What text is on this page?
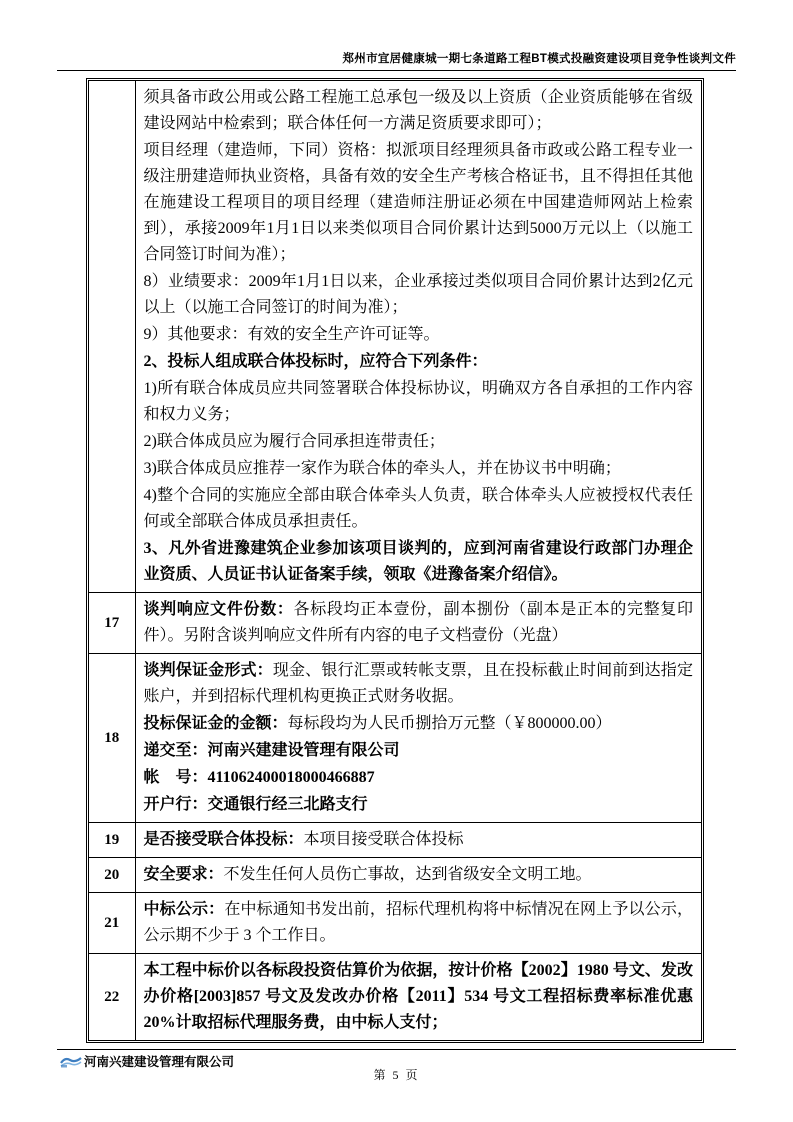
郑州市宜居健康城一期七条道路工程BT模式投融资建设项目竞争性谈判文件

须具备市政公用或公路工程施工总承包一级及以上资质（企业资质能够在省级建设网站中检索到；联合体任何一方满足资质要求即可）；

项目经理（建造师，下同）资格：拟派项目经理须具备市政或公路工程专业一级注册建造师执业资格，具备有效的安全生产考核合格证书，且不得担任其他在施建设工程项目的项目经理（建造师注册证必须在中国建造师网站上检索到），承接2009年1月1日以来类似项目合同价累计达到5000万元以上（以施工合同签订时间为准）；

8）业绩要求：2009年1月1日以来，企业承接过类似项目合同价累计达到2亿元以上（以施工合同签订的时间为准）；

9）其他要求：有效的安全生产许可证等。

2、投标人组成联合体投标时，应符合下列条件：

1)所有联合体成员应共同签署联合体投标协议，明确双方各自承担的工作内容和权力义务；

2)联合体成员应为履行合同承担连带责任；

3)联合体成员应推荐一家作为联合体的牵头人，并在协议书中明确；

4)整个合同的实施应全部由联合体牵头人负责，联合体牵头人应被授权代表任何或全部联合体成员承担责任。

3、凡外省进豫建筑企业参加该项目谈判的，应到河南省建设行政部门办理企业资质、人员证书认证备案手续，领取《进豫备案介绍信》。

17	谈判响应文件份数：各标段均正本壹份，副本捌份（副本是正本的完整复印件）。另附含谈判响应文件所有内容的电子文档壹份（光盘）

18	谈判保证金形式：现金、银行汇票或转帐支票，且在投标截止时间前到达指定账户，并到招标代理机构更换正式财务收据。

投标保证金的金额：每标段均为人民币捌拾万元整（￥800000.00）

递交至：河南兴建建设管理有限公司

帐　号：411062400018000466887

开户行：交通银行经三北路支行

19	是否接受联合体投标：本项目接受联合体投标

20	安全要求：不发生任何人员伤亡事故，达到省级安全文明工地。

21	中标公示：在中标通知书发出前，招标代理机构将中标情况在网上予以公示，公示期不少于 3 个工作日。

22	本工程中标价以各标段投资估算价为依据，按计价格【2002】1980 号文、发改办价格[2003]857 号文及发改办价格【2011】534 号文工程招标费率标准优惠 20%计取招标代理服务费，由中标人支付；

河南兴建建设管理有限公司
第 5 页
